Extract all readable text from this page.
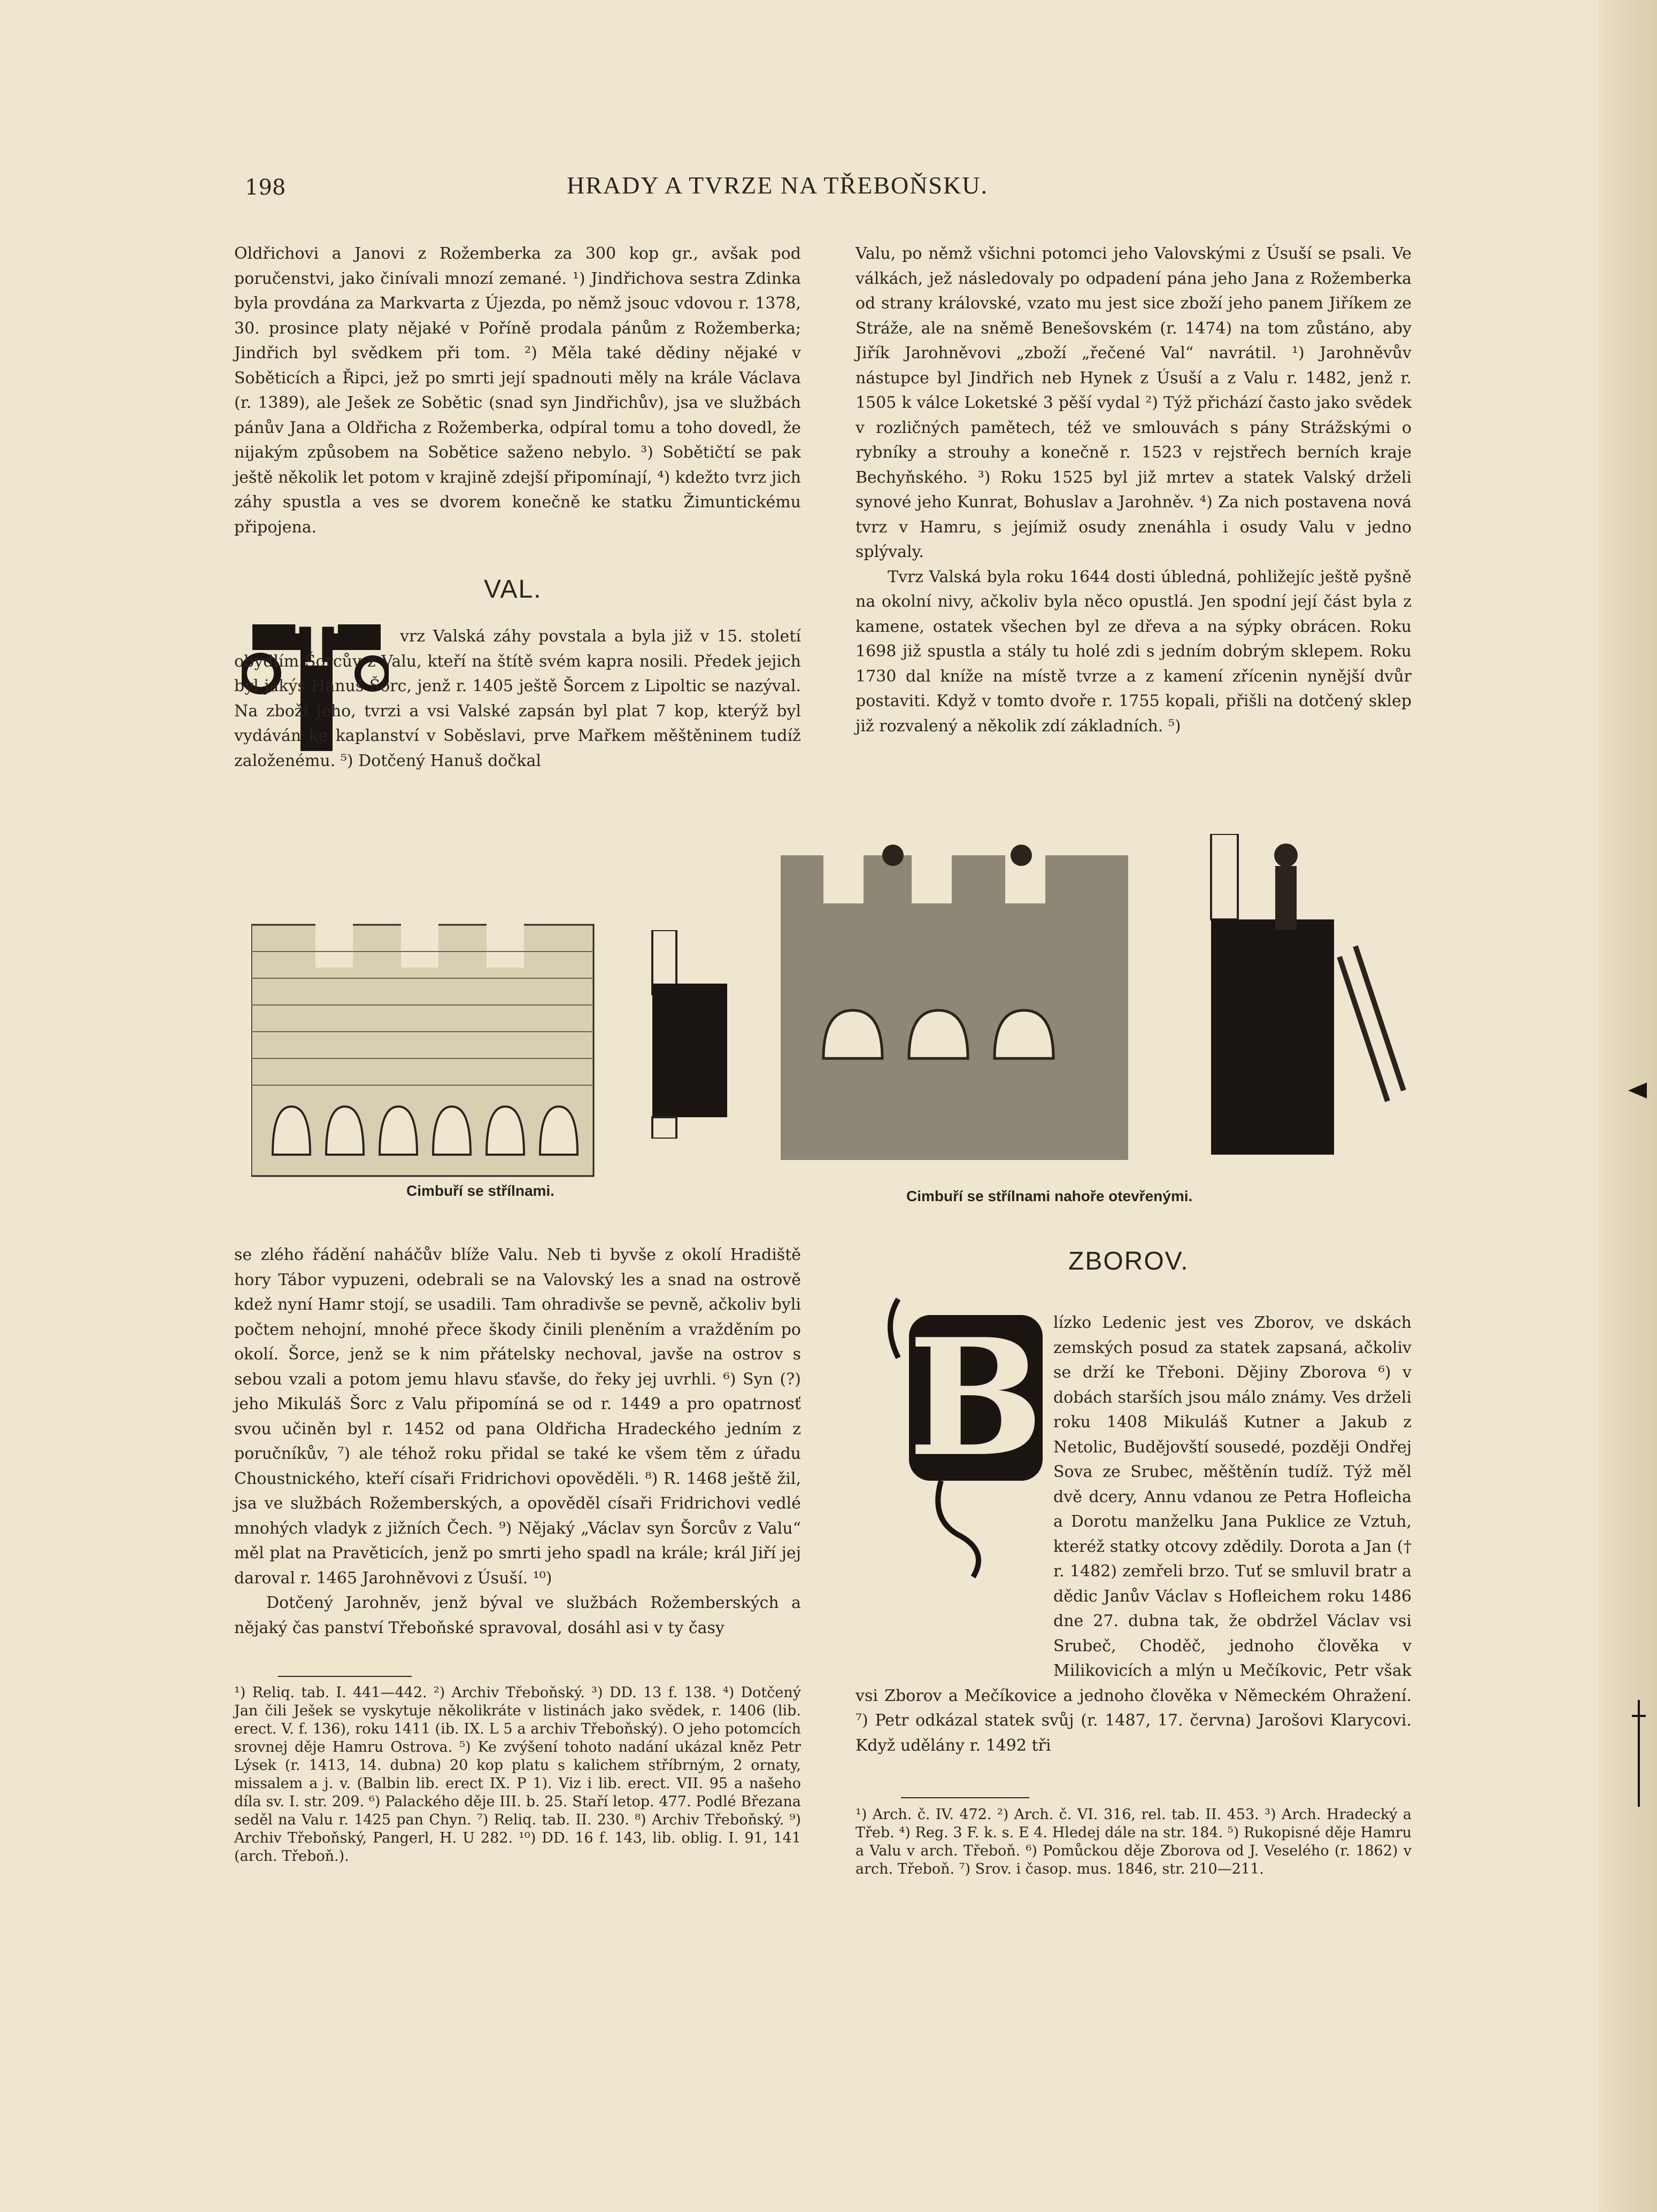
198	HRADY A TVRZE NA TŘEBOŇSKU.

Oldřichovi a Janovi z Rožemberka za 300 kop gr., avšak pod poručenstvi, jako činívali mnozí zemané. ¹) Jindřichova sestra Zdinka byla provdána za Markvarta z Újezda, po němž jsouc vdovou r. 1378, 30. prosince platy nějaké v Poříně prodala pánům z Rožemberka; Jindřich byl svědkem při tom. ²) Měla také dědiny nějaké v Soběticích a Řipci, jež po smrti její spadnouti měly na krále Václava (r. 1389), ale Ješek ze Sobětic (snad syn Jindřichův), jsa ve službách pánův Jana a Oldřicha z Rožemberka, odpíral tomu a toho dovedl, že nijakým způsobem na Sobětice saženo nebylo. ³) Sobětičtí se pak ještě několik let potom v krajině zdejší připomínají, ⁴) kdežto tvrz jich záhy spustla a ves se dvorem konečně ke statku Žimuntickému připojena.

VAL.
T	vrz Valská záhy povstala a byla již v 15. století obydlím Šorcův z Valu, kteří na štítě svém kapra nosili. Předek jejich byl jakýs Hanuš Šorc, jenž r. 1405 ještě Šorcem z Lipoltic se nazýval. Na zboží jeho, tvrzi a vsi Valské zapsán byl plat 7 kop, kterýž byl vydáván ke kaplanství v Soběslavi, prve Mařkem měštěninem tudíž založenému. ⁵) Dotčený Hanuš dočkal

Valu, po němž všichni potomci jeho Valovskými z Úsuší se psali. Ve válkách, jež následovaly po odpadení pána jeho Jana z Rožemberka od strany královské, vzato mu jest sice zboží jeho panem Jiříkem ze Stráže, ale na sněmě Benešovském (r. 1474) na tom zůstáno, aby Jiřík Jarohněvovi „zboží „řečené Val“ navrátil. ¹) Jarohněvův nástupce byl Jindřich neb Hynek z Úsuší a z Valu r. 1482, jenž r. 1505 k válce Loketské 3 pěší vydal ²) Týž přichází často jako svědek v rozličných pamětech, též ve smlouvách s pány Strážskými o rybníky a strouhy a konečně r. 1523 v rejstřech berních kraje Bechyňského. ³) Roku 1525 byl již mrtev a statek Valský drželi synové jeho Kunrat, Bohuslav a Jarohněv. ⁴) Za nich postavena nová tvrz v Hamru, s jejímiž osudy znenáhla i osudy Valu v jedno splývaly.

Tvrz Valská byla roku 1644 dosti úbledná, pohližejíc ještě pyšně na okolní nivy, ačkoliv byla něco opustlá. Jen spodní její část byla z kamene, ostatek všechen byl ze dřeva a na sýpky obrácen. Roku 1698 již spustla a stály tu holé zdi s jedním dobrým sklepem. Roku 1730 dal kníže na místě tvrze a z kamení zřícenin nynější dvůr postaviti. Když v tomto dvoře r. 1755 kopali, přišli na dotčený sklep již rozvalený a několik zdí základních. ⁵)

Cimbuří se střílnami.	Cimbuří se střílnami nahoře otevřenými.

se zlého řádění naháčův blíže Valu. Neb ti byvše z okolí Hradiště hory Tábor vypuzeni, odebrali se na Valovský les a snad na ostrově kdež nyní Hamr stojí, se usadili. Tam ohradivše se pevně, ačkoliv byli počtem nehojní, mnohé přece škody činili pleněním a vražděním po okolí. Šorce, jenž se k nim přátelsky nechoval, javše na ostrov s sebou vzali a potom jemu hlavu sťavše, do řeky jej uvrhli. ⁶) Syn (?) jeho Mikuláš Šorc z Valu připomíná se od r. 1449 a pro opatrnosť svou učiněn byl r. 1452 od pana Oldřicha Hradeckého jedním z poručníkův, ⁷) ale téhož roku přidal se také ke všem těm z úřadu Choustnického, kteří císaři Fridrichovi opověděli. ⁸) R. 1468 ještě žil, jsa ve službách Rožemberských, a opověděl císaři Fridrichovi vedlé mnohých vladyk z jižních Čech. ⁹) Nějaký „Václav syn Šorcův z Valu“ měl plat na Pravěticích, jenž po smrti jeho spadl na krále; král Jiří jej daroval r. 1465 Jarohněvovi z Úsuší. ¹⁰)

Dotčený Jarohněv, jenž býval ve službách Rožemberských a nějaký čas panství Třeboňské spravoval, dosáhl asi v ty časy

¹) Reliq. tab. I. 441—442. ²) Archiv Třeboňský. ³) DD. 13 f. 138. ⁴) Dotčený Jan čili Ješek se vyskytuje několikráte v listinách jako svědek, r. 1406 (lib. erect. V. f. 136), roku 1411 (ib. IX. L 5 a archiv Třeboňský). O jeho potomcích srovnej děje Hamru Ostrova. ⁵) Ke zvýšení tohoto nadání ukázal kněz Petr Lýsek (r. 1413, 14. dubna) 20 kop platu s kalichem stříbrným, 2 ornaty, missalem a j. v. (Balbin lib. erect IX. P 1). Viz i lib. erect. VII. 95 a našeho díla sv. I. str. 209. ⁶) Palackého děje III. b. 25. Staří letop. 477. Podlé Březana seděl na Valu r. 1425 pan Chyn. ⁷) Reliq. tab. II. 230. ⁸) Archiv Třeboňský. ⁹) Archiv Třeboňský, Pangerl, H. U 282. ¹⁰) DD. 16 f. 143, lib. oblig. I. 91, 141 (arch. Třeboň.).
ZBOROV.
B lízko Ledenic jest ves Zborov, ve dskách zemských posud za statek zapsaná, ačkoliv se drží ke Třeboni. Dějiny Zborova ⁶) v dobách starších jsou málo známy. Ves drželi roku 1408 Mikuláš Kutner a Jakub z Netolic, Budějovští sousedé, později Ondřej Sova ze Srubec, měštěnín tudíž. Týž měl dvě dcery, Annu vdanou ze Petra Hofleicha a Dorotu manželku Jana Puklice ze Vztuh, kteréž statky otcovy zdědily. Dorota a Jan († r. 1482) zemřeli brzo. Tuť se smluvil bratr a dědic Janův Václav s Hofleichem roku 1486 dne 27. dubna tak, že obdržel Václav vsi Srubeč, Choděč, jednoho člověka v Milikovicích a mlýn u Mečíkovic, Petr však vsi Zborov a Mečíkovice a jednoho člověka v Německém Ohražení. ⁷) Petr odkázal statek svůj (r. 1487, 17. června) Jarošovi Klarycovi. Když udělány r. 1492 tři

¹) Arch. č. IV. 472. ²) Arch. č. VI. 316, rel. tab. II. 453. ³) Arch. Hradecký a Třeb. ⁴) Reg. 3 F. k. s. E 4. Hledej dále na str. 184. ⁵) Rukopisné děje Hamru a Valu v arch. Třeboň. ⁶) Pomůckou děje Zborova od J. Veselého (r. 1862) v arch. Třeboň. ⁷) Srov. i časop. mus. 1846, str. 210—211.
